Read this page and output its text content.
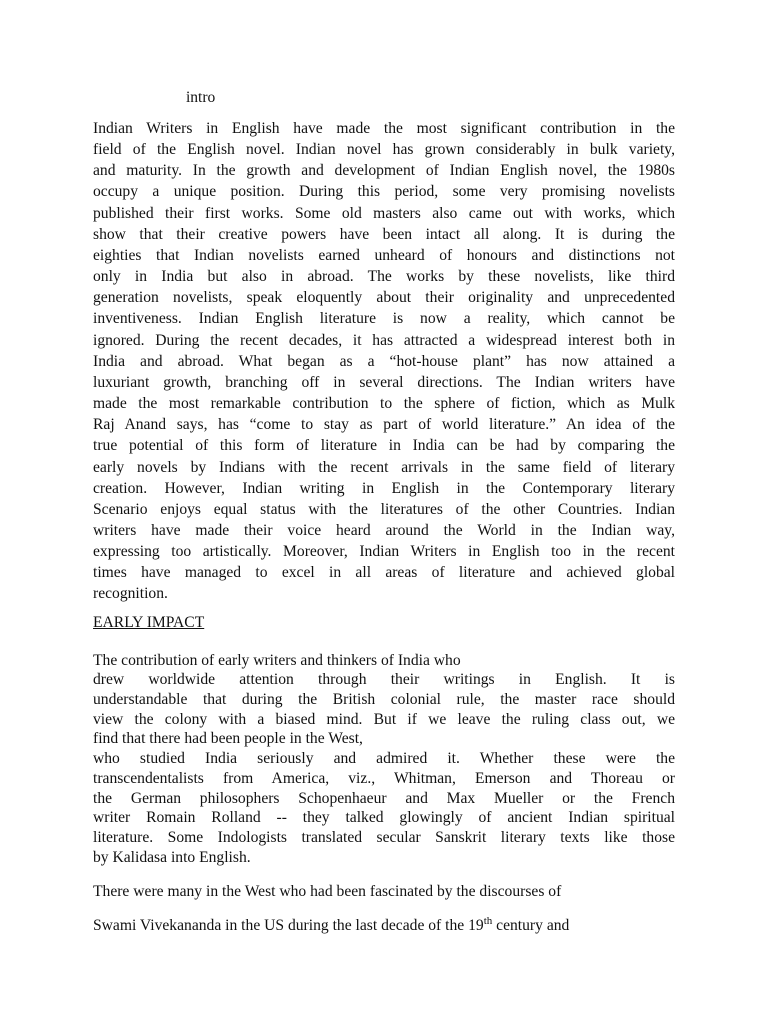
intro
Indian Writers in English have made the most significant contribution in the
field of the English novel. Indian novel has grown considerably in bulk variety,
and maturity. In the growth and development of Indian English novel, the 1980s
occupy a unique position. During this period, some very promising novelists
published their first works. Some old masters also came out with works, which
show that their creative powers have been intact all along. It is during the
eighties that Indian novelists earned unheard of honours and distinctions not
only in India but also in abroad. The works by these novelists, like third
generation novelists, speak eloquently about their originality and unprecedented
inventiveness. Indian English literature is now a reality, which cannot be
ignored. During the recent decades, it has attracted a widespread interest both in
India and abroad. What began as a “hot-house plant” has now attained a
luxuriant growth, branching off in several directions. The Indian writers have
made the most remarkable contribution to the sphere of fiction, which as Mulk
Raj Anand says, has “come to stay as part of world literature.” An idea of the
true potential of this form of literature in India can be had by comparing the
early novels by Indians with the recent arrivals in the same field of literary
creation. However, Indian writing in English in the Contemporary literary
Scenario enjoys equal status with the literatures of the other Countries. Indian
writers have made their voice heard around the World in the Indian way,
expressing too artistically. Moreover, Indian Writers in English too in the recent
times have managed to excel in all areas of literature and achieved global
recognition.
EARLY IMPACT
The contribution of early writers and thinkers of India who
drew worldwide attention through their writings in English. It is
understandable that during the British colonial rule, the master race should
view the colony with a biased mind. But if we leave the ruling class out, we
find that there had been people in the West,
who studied India seriously and admired it. Whether these were the
transcendentalists from America, viz., Whitman, Emerson and Thoreau or
the German philosophers Schopenhaeur and Max Mueller or the French
writer Romain Rolland -- they talked glowingly of ancient Indian spiritual
literature. Some Indologists translated secular Sanskrit literary texts like those
by Kalidasa into English.
There were many in the West who had been fascinated by the discourses of
Swami Vivekananda in the US during the last decade of the 19th century and
